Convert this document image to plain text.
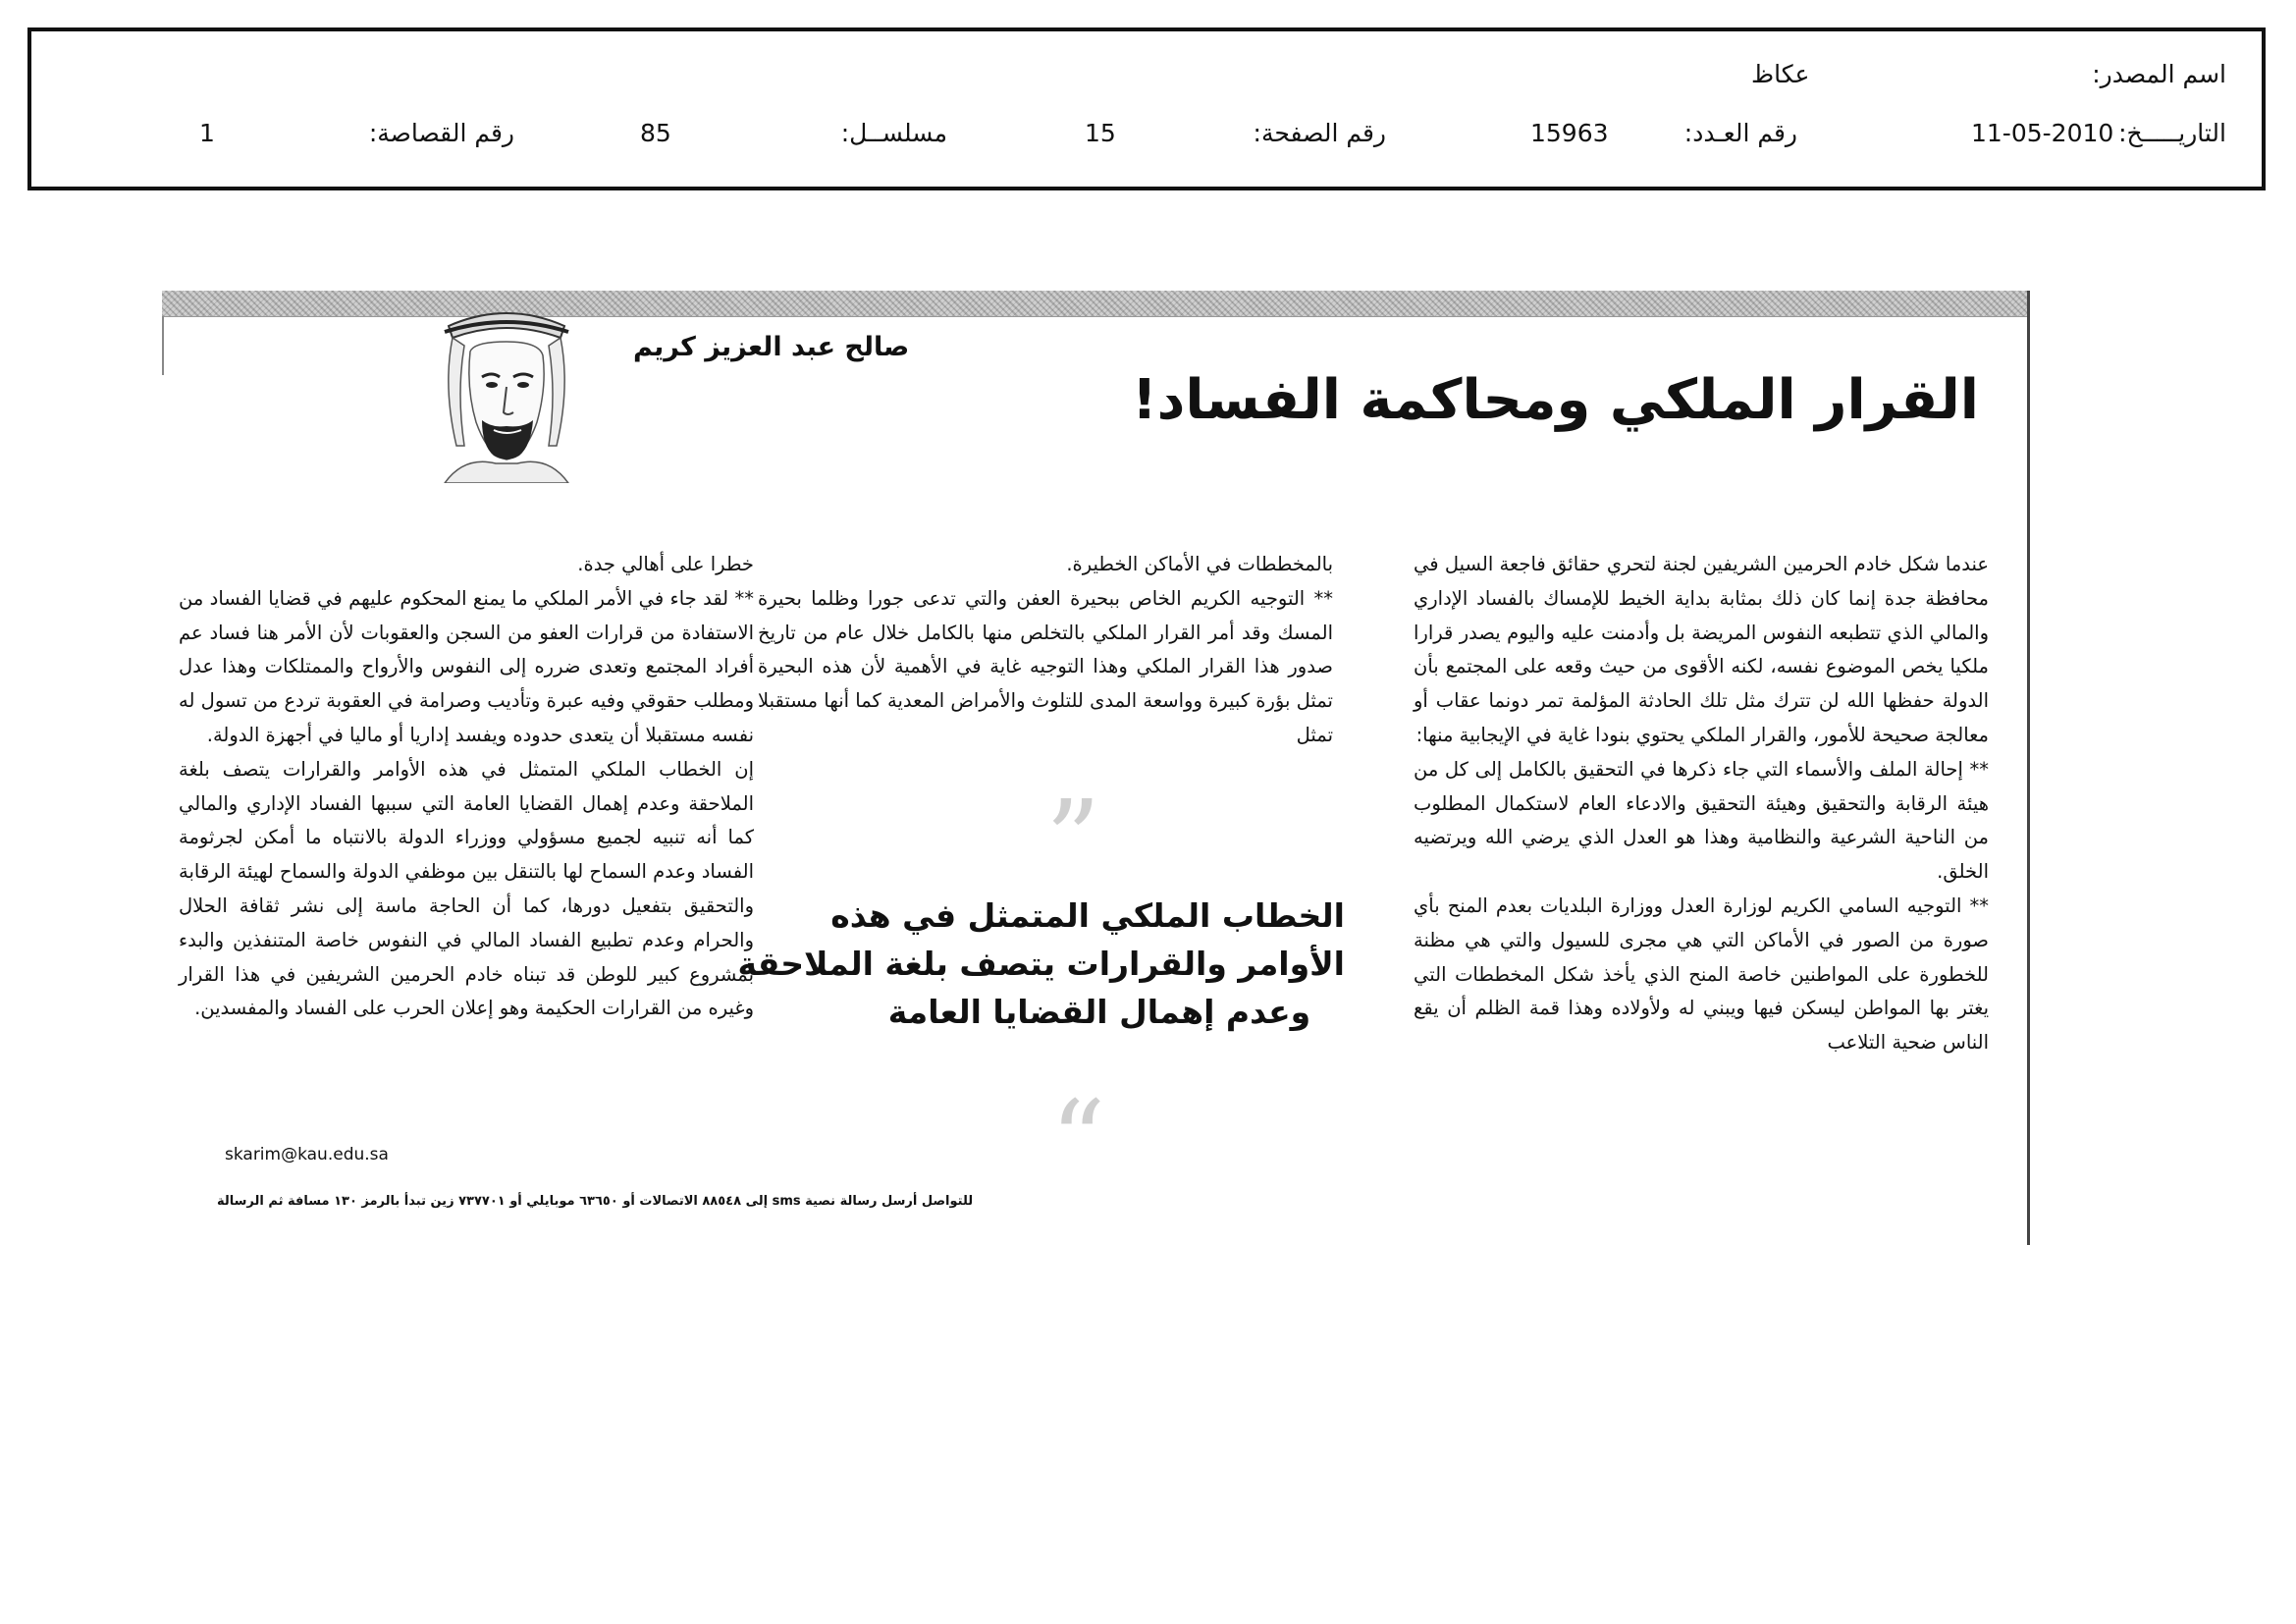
اسم المصدر:
عكاظ
التاريـــــخ:
11-05-2010
رقم العـدد:
15963
رقم الصفحة:
15
مسلســل:
85
رقم القصاصة:
1
صالح عبد العزيز كريم
القرار الملكي ومحاكمة الفساد!

عندما شكل خادم الحرمين الشريفين لجنة لتحري حقائق فاجعة السيل في محافظة جدة إنما كان ذلك بمثابة بداية الخيط للإمساك بالفساد الإداري والمالي الذي تتطبعه النفوس المريضة بل وأدمنت عليه واليوم يصدر قرارا ملكيا يخص الموضوع نفسه، لكنه الأقوى من حيث وقعه على المجتمع بأن الدولة حفظها الله لن تترك مثل تلك الحادثة المؤلمة تمر دونما عقاب أو معالجة صحيحة للأمور، والقرار الملكي يحتوي بنودا غاية في الإيجابية منها:

** إحالة الملف والأسماء التي جاء ذكرها في التحقيق بالكامل إلى كل من هيئة الرقابة والتحقيق وهيئة التحقيق والادعاء العام لاستكمال المطلوب من الناحية الشرعية والنظامية وهذا هو العدل الذي يرضي الله ويرتضيه الخلق.

** التوجيه السامي الكريم لوزارة العدل ووزارة البلديات بعدم المنح بأي صورة من الصور في الأماكن التي هي مجرى للسيول والتي هي مظنة للخطورة على المواطنين خاصة المنح الذي يأخذ شكل المخططات التي يغتر بها المواطن ليسكن فيها ويبني له ولأولاده وهذا قمة الظلم أن يقع الناس ضحية التلاعب

بالمخططات في الأماكن الخطيرة.

** التوجيه الكريم الخاص ببحيرة العفن والتي تدعى جورا وظلما بحيرة المسك وقد أمر القرار الملكي بالتخلص منها بالكامل خلال عام من تاريخ صدور هذا القرار الملكي وهذا التوجيه غاية في الأهمية لأن هذه البحيرة تمثل بؤرة كبيرة وواسعة المدى للتلوث والأمراض المعدية كما أنها مستقبلا تمثل

”
الخطاب الملكي المتمثل في هذه
الأوامر والقرارات يتصف بلغة الملاحقة
وعدم إهمال القضايا العامة
“

خطرا على أهالي جدة.

** لقد جاء في الأمر الملكي ما يمنع المحكوم عليهم في قضايا الفساد من الاستفادة من قرارات العفو من السجن والعقوبات لأن الأمر هنا فساد عم أفراد المجتمع وتعدى ضرره إلى النفوس والأرواح والممتلكات وهذا عدل ومطلب حقوقي وفيه عبرة وتأديب وصرامة في العقوبة تردع من تسول له نفسه مستقبلا أن يتعدى حدوده ويفسد إداريا أو ماليا في أجهزة الدولة.

إن الخطاب الملكي المتمثل في هذه الأوامر والقرارات يتصف بلغة الملاحقة وعدم إهمال القضايا العامة التي سببها الفساد الإداري والمالي كما أنه تنبيه لجميع مسؤولي ووزراء الدولة بالانتباه ما أمكن لجرثومة الفساد وعدم السماح لها بالتنقل بين موظفي الدولة والسماح لهيئة الرقابة والتحقيق بتفعيل دورها، كما أن الحاجة ماسة إلى نشر ثقافة الحلال والحرام وعدم تطبيع الفساد المالي في النفوس خاصة المتنفذين والبدء بمشروع كبير للوطن قد تبناه خادم الحرمين الشريفين في هذا القرار وغيره من القرارات الحكيمة وهو إعلان الحرب على الفساد والمفسدين.

skarim@kau.edu.sa
للتواصل أرسل رسالة نصية sms إلى ٨٨٥٤٨ الاتصالات أو ٦٣٦٥٠ موبايلي أو ٧٣٧٧٠١ زين تبدأ بالرمز ١٣٠ مسافة ثم الرسالة
